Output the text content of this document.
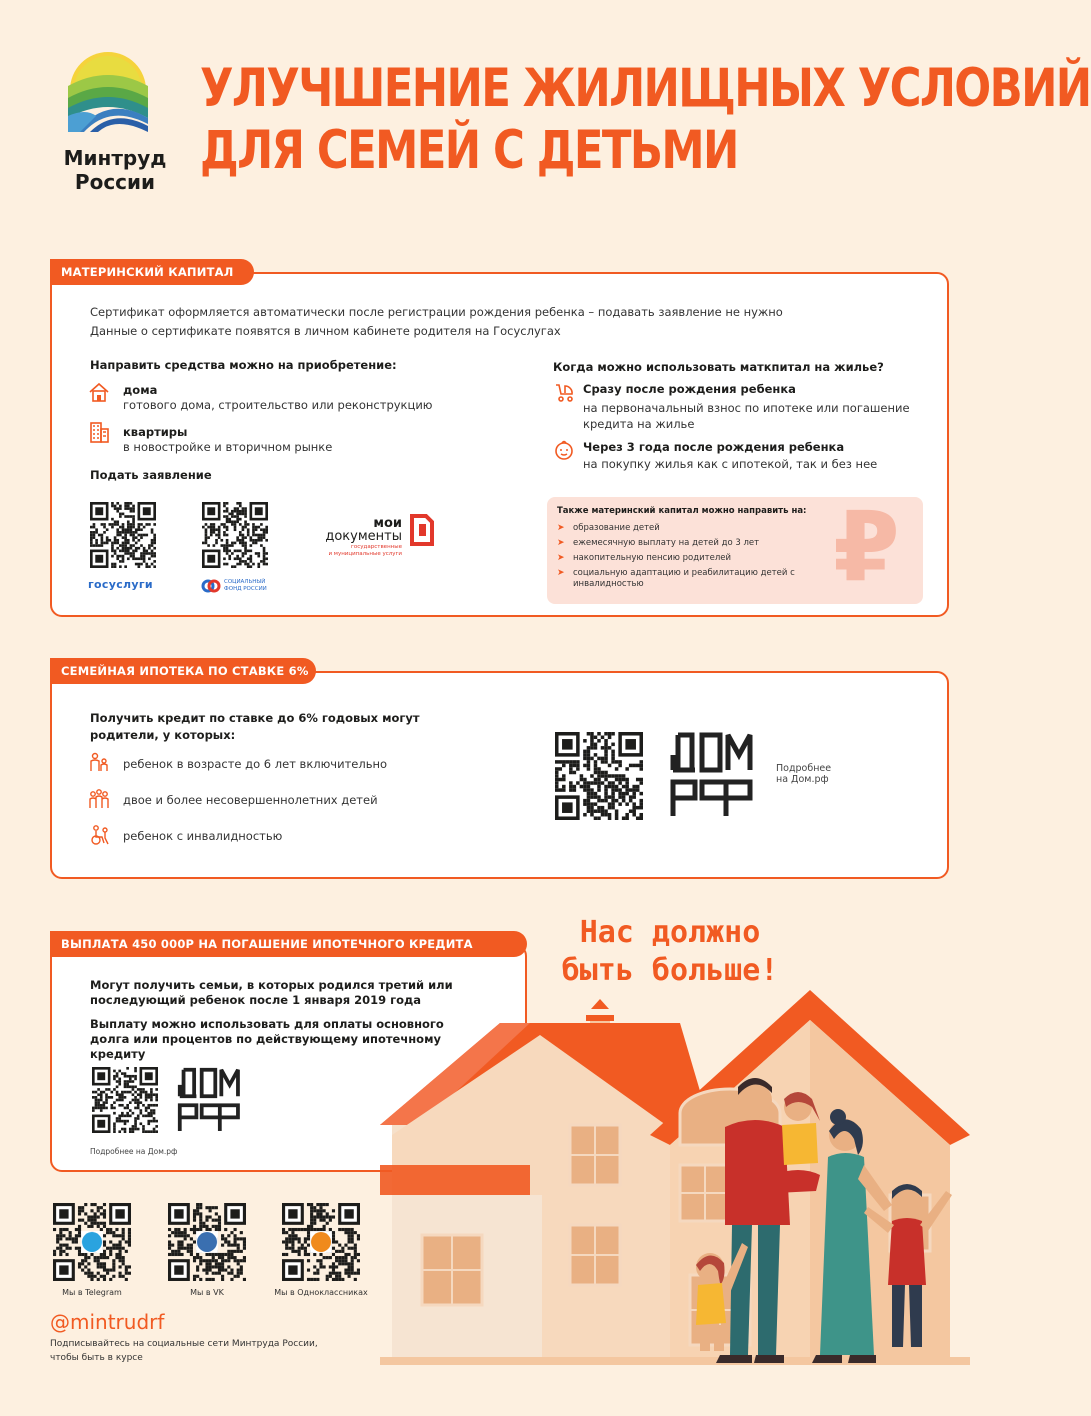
Минтруд
России
УЛУЧШЕНИЕ ЖИЛИЩНЫХ УСЛОВИЙ
ДЛЯ СЕМЕЙ С ДЕТЬМИ
МАТЕРИНСКИЙ КАПИТАЛ
Сертификат оформляется автоматически после регистрации рождения ребенка – подавать заявление не нужно
Данные о сертификате появятся в личном кабинете родителя на Госуслугах
Направить средства можно на приобретение:
дома
готового дома, строительство или реконструкцию
квартиры
в новостройке и вторичном рынке
Подать заявление
госуслуги	СОЦИАЛЬНЫЙ
ФОНД РОССИИ
мои
документы
государственные
и муниципальные услуги
Когда можно использовать маткпитал на жилье?
Сразу после рождения ребенка
на первоначальный взнос по ипотеке или погашение кредита на жилье
Через 3 года после рождения ребенка
на покупку жилья как с ипотекой, так и без нее
₽
Также материнский капитал можно направить на:
➤ образование детей
➤ ежемесячную выплату на детей до 3 лет
➤ накопительную пенсию родителей
➤ социальную адаптацию и реабилитацию детей с инвалидностью
СЕМЕЙНАЯ ИПОТЕКА ПО СТАВКЕ 6%
Получить кредит по ставке до 6% годовых могут родители, у которых:
ребенок в возрасте до 6 лет включительно
двое и более несовершеннолетних детей
ребенок с инвалидностью
Подробнее
на Дом.рф
ВЫПЛАТА 450 000Р НА ПОГАШЕНИЕ ИПОТЕЧНОГО КРЕДИТА
Могут получить семьи, в которых родился третий или последующий ребенок после 1 января 2019 года
Выплату можно использовать для оплаты основного долга или процентов по действующему ипотечному кредиту
Подробнее на Дом.рф
Мы в Telegram	Мы в VK	Мы в Одноклассниках
@mintrudrf
Подписывайтесь на социальные сети Минтруда России,
чтобы быть в курсе
Нас должно
быть больше!
